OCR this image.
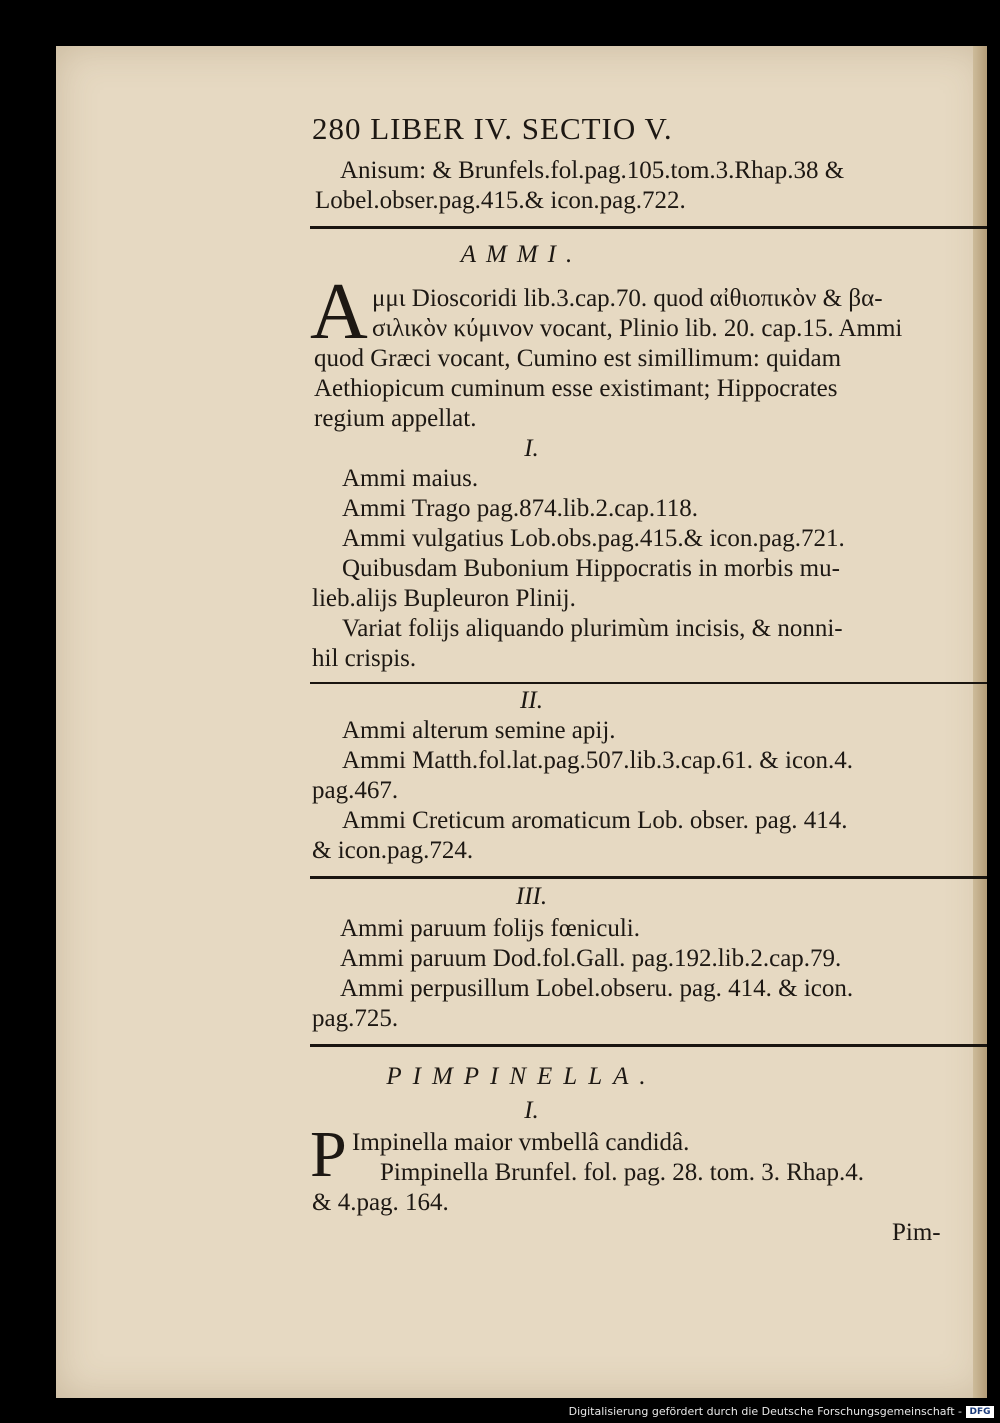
280 LIBER IV. SECTIO V.
Anisum: & Brunfels.fol.pag.105.tom.3.Rhap.38 &
Lobel.obser.pag.415.& icon.pag.722.
AMMI.
A μμι Dioscoridi lib.3.cap.70. quod αἰθιοπικὸν & βα-
σιλικὸν κύμινον vocant, Plinio lib. 20. cap.15. Ammi
quod Græci vocant, Cumino est simillimum: quidam
Aethiopicum cuminum esse existimant; Hippocrates
regium appellat.
I.
Ammi maius.
Ammi Trago pag.874.lib.2.cap.118.
Ammi vulgatius Lob.obs.pag.415.& icon.pag.721.
Quibusdam Bubonium Hippocratis in morbis mu-
lieb.alijs Bupleuron Plinij.
Variat folijs aliquando plurimùm incisis, & nonni-
hil crispis.
II.
Ammi alterum semine apij.
Ammi Matth.fol.lat.pag.507.lib.3.cap.61. & icon.4.
pag.467.
Ammi Creticum aromaticum Lob. obser. pag. 414.
& icon.pag.724.
III.
Ammi paruum folijs fœniculi.
Ammi paruum Dod.fol.Gall. pag.192.lib.2.cap.79.
Ammi perpusillum Lobel.obseru. pag. 414. & icon.
pag.725.
PIMPINELLA.
I.
P Impinella maior vmbellâ candidâ.
Pimpinella Brunfel. fol. pag. 28. tom. 3. Rhap.4.
& 4.pag. 164.
Pim-
Digitalisierung gefördert durch die Deutsche Forschungsgemeinschaft - DFG
